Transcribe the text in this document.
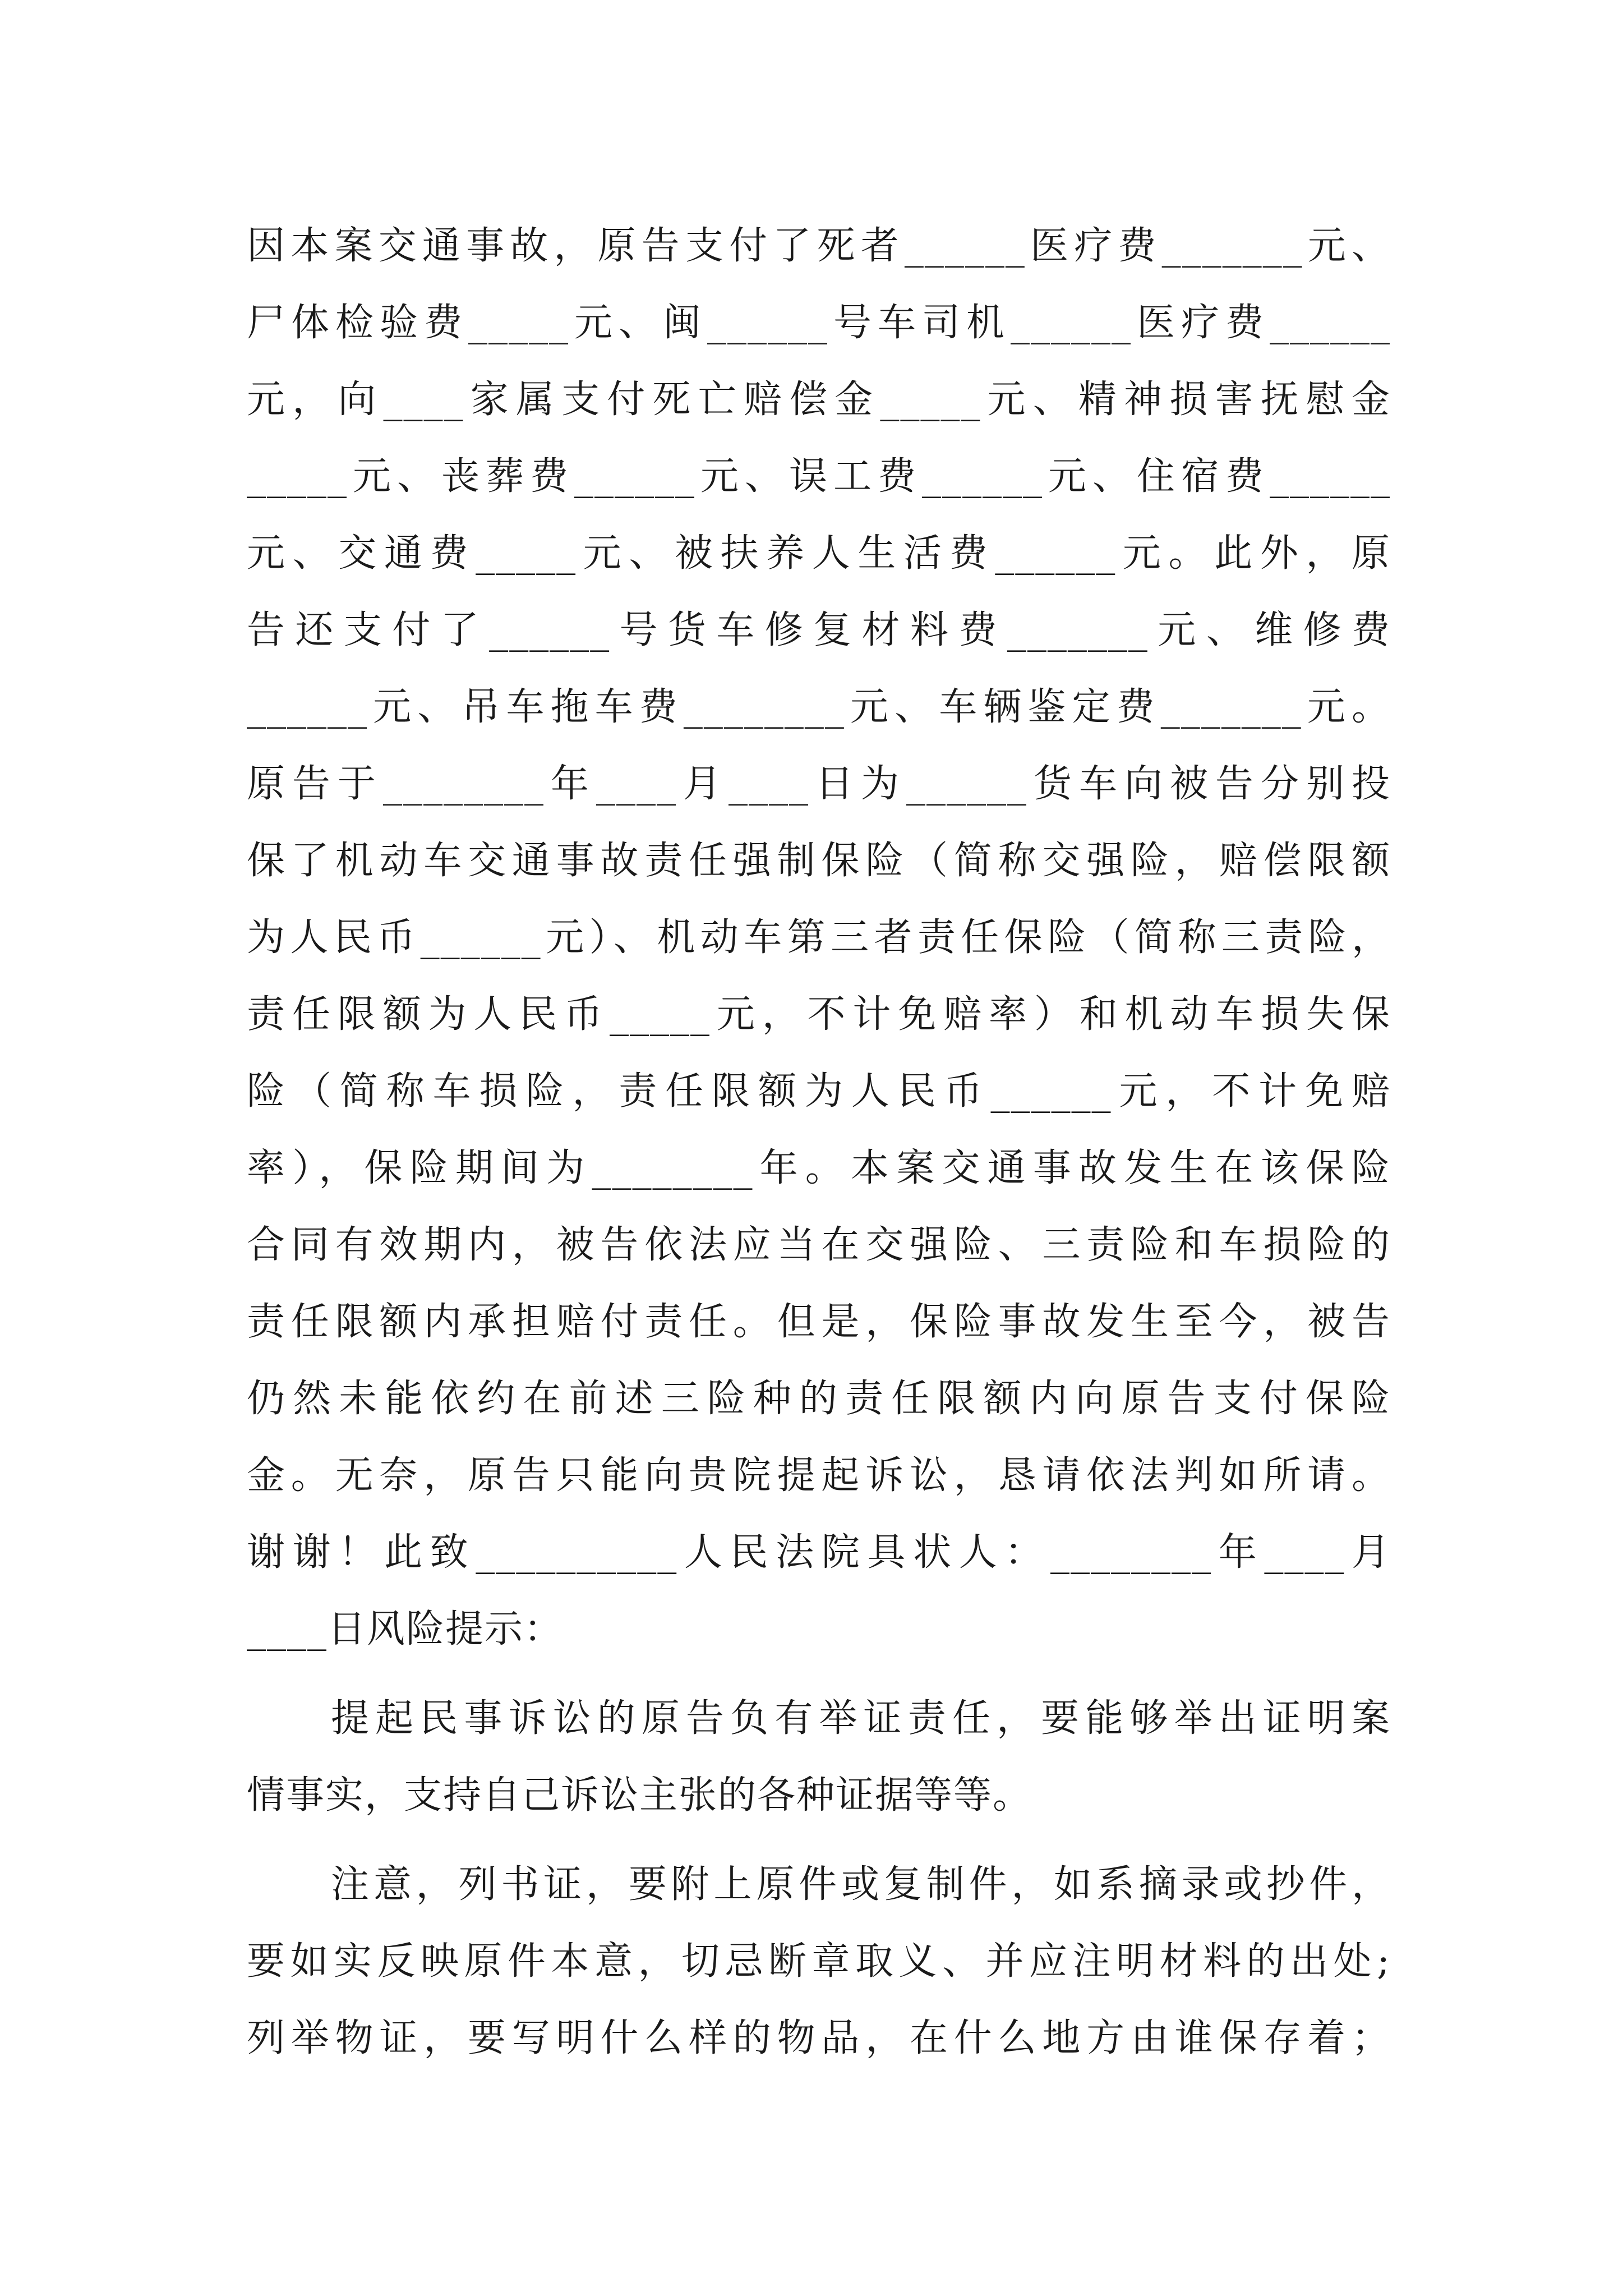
因本案交通事故，原告支付了死者______医疗费_______元、
尸体检验费_____元、闽______号车司机______医疗费______
元，向____家属支付死亡赔偿金_____元、精神损害抚慰金
_____元、丧葬费______元、误工费______元、住宿费______
元、交通费_____元、被扶养人生活费______元。此外，原
告还支付了______号货车修复材料费_______元、维修费
______元、吊车拖车费________元、车辆鉴定费_______元。
原告于________年____月____日为______货车向被告分别投
保了机动车交通事故责任强制保险（简称交强险，赔偿限额
为人民币______元）、机动车第三者责任保险（简称三责险，
责任限额为人民币_____元，不计免赔率）和机动车损失保
险（简称车损险，责任限额为人民币______元，不计免赔
率），保险期间为________年。本案交通事故发生在该保险
合同有效期内，被告依法应当在交强险、三责险和车损险的
责任限额内承担赔付责任。但是，保险事故发生至今，被告
仍然未能依约在前述三险种的责任限额内向原告支付保险
金。无奈，原告只能向贵院提起诉讼，恳请依法判如所请。
谢谢！此致__________人民法院具状人：________年____月
____日风险提示：
提起民事诉讼的原告负有举证责任，要能够举出证明案
情事实，支持自己诉讼主张的各种证据等等。
注意，列书证，要附上原件或复制件，如系摘录或抄件，
要如实反映原件本意，切忌断章取义、并应注明材料的出处;
列举物证，要写明什么样的物品，在什么地方由谁保存着；
